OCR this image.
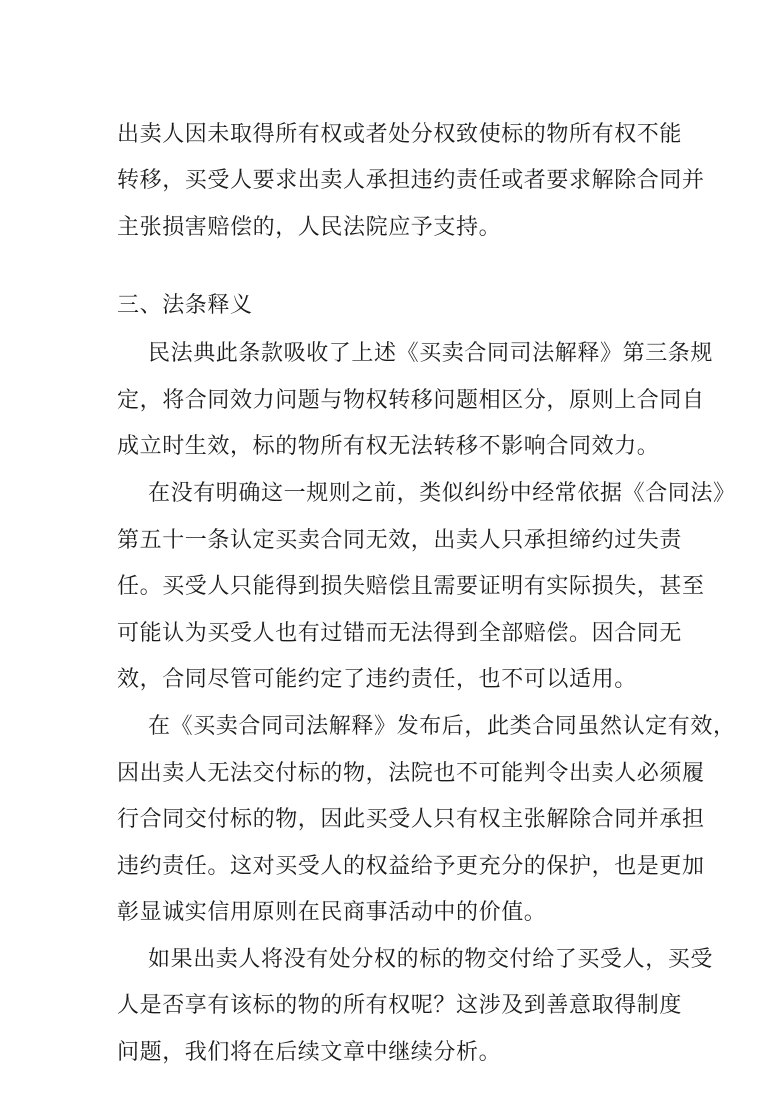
出卖人因未取得所有权或者处分权致使标的物所有权不能
转移，买受人要求出卖人承担违约责任或者要求解除合同并
主张损害赔偿的，人民法院应予支持。
三、法条释义
民法典此条款吸收了上述《买卖合同司法解释》第三条规
定，将合同效力问题与物权转移问题相区分，原则上合同自
成立时生效，标的物所有权无法转移不影响合同效力。
在没有明确这一规则之前，类似纠纷中经常依据《合同法》
第五十一条认定买卖合同无效，出卖人只承担缔约过失责
任。买受人只能得到损失赔偿且需要证明有实际损失，甚至
可能认为买受人也有过错而无法得到全部赔偿。因合同无
效，合同尽管可能约定了违约责任，也不可以适用。
在《买卖合同司法解释》发布后，此类合同虽然认定有效，
因出卖人无法交付标的物，法院也不可能判令出卖人必须履
行合同交付标的物，因此买受人只有权主张解除合同并承担
违约责任。这对买受人的权益给予更充分的保护，也是更加
彰显诚实信用原则在民商事活动中的价值。
如果出卖人将没有处分权的标的物交付给了买受人，买受
人是否享有该标的物的所有权呢？这涉及到善意取得制度
问题，我们将在后续文章中继续分析。
